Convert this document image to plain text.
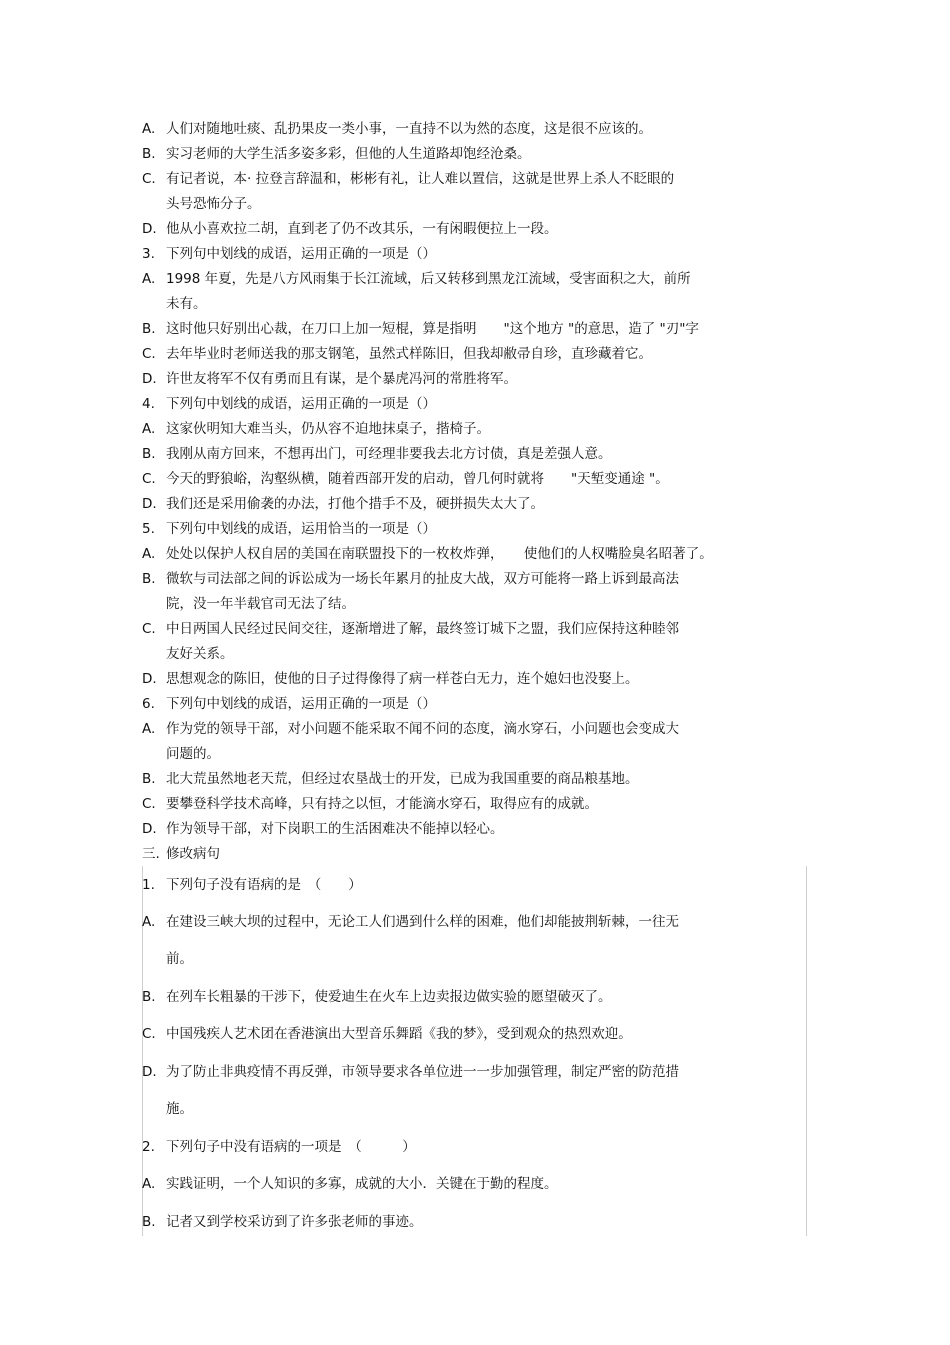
A. 人们对随地吐痰、乱扔果皮一类小事，一直持不以为然的态度，这是很不应该的。
B. 实习老师的大学生活多姿多彩，但他的人生道路却饱经沧桑。
C. 有记者说，本· 拉登言辞温和，彬彬有礼，让人难以置信，这就是世界上杀人不眨眼的
头号恐怖分子。
D. 他从小喜欢拉二胡，直到老了仍不改其乐，一有闲暇便拉上一段。
3. 下列句中划线的成语，运用正确的一项是（）
A. 1998 年夏，先是八方风雨集于长江流域，后又转移到黑龙江流域，受害面积之大，前所
未有。
B. 这时他只好别出心裁，在刀口上加一短棍，算是指明　　"这个地方 "的意思，造了 "刃"字
C. 去年毕业时老师送我的那支钢笔，虽然式样陈旧，但我却敝帚自珍，直珍藏着它。
D. 许世友将军不仅有勇而且有谋，是个暴虎冯河的常胜将军。
4. 下列句中划线的成语，运用正确的一项是（）
A. 这家伙明知大难当头，仍从容不迫地抹桌子，揩椅子。
B. 我刚从南方回来，不想再出门，可经理非要我去北方讨债，真是差强人意。
C. 今天的野狼峪，沟壑纵横，随着西部开发的启动，曾几何时就将　　"天堑变通途 "。
D. 我们还是采用偷袭的办法，打他个措手不及，硬拼损失太大了。
5. 下列句中划线的成语，运用恰当的一项是（）
A. 处处以保护人权自居的美国在南联盟投下的一枚枚炸弹，　　使他们的人权嘴脸臭名昭著了。
B. 微软与司法部之间的诉讼成为一场长年累月的扯皮大战，双方可能将一路上诉到最高法
院，没一年半载官司无法了结。
C. 中日两国人民经过民间交往，逐渐增进了解，最终签订城下之盟，我们应保持这种睦邻
友好关系。
D. 思想观念的陈旧，使他的日子过得像得了病一样苍白无力，连个媳妇也没娶上。
6. 下列句中划线的成语，运用正确的一项是（）
A. 作为党的领导干部，对小问题不能采取不闻不问的态度，滴水穿石，小问题也会变成大
问题的。
B. 北大荒虽然地老天荒，但经过农垦战士的开发，已成为我国重要的商品粮基地。
C. 要攀登科学技术高峰，只有持之以恒，才能滴水穿石，取得应有的成就。
D. 作为领导干部，对下岗职工的生活困难决不能掉以轻心。
三. 修改病句
1. 下列句子没有语病的是　（　　）
A. 在建设三峡大坝的过程中，无论工人们遇到什么样的困难，他们却能披荆斩棘，一往无
前。
B. 在列车长粗暴的干涉下，使爱迪生在火车上边卖报边做实验的愿望破灭了。
C. 中国残疾人艺术团在香港演出大型音乐舞蹈《我的梦》，受到观众的热烈欢迎。
D. 为了防止非典疫情不再反弹，市领导要求各单位进一一步加强管理，制定严密的防范措
施。
2. 下列句子中没有语病的一项是　（　　　）
A. 实践证明，一个人知识的多寡，成就的大小．关键在于勤的程度。
B. 记者又到学校采访到了许多张老师的事迹。
